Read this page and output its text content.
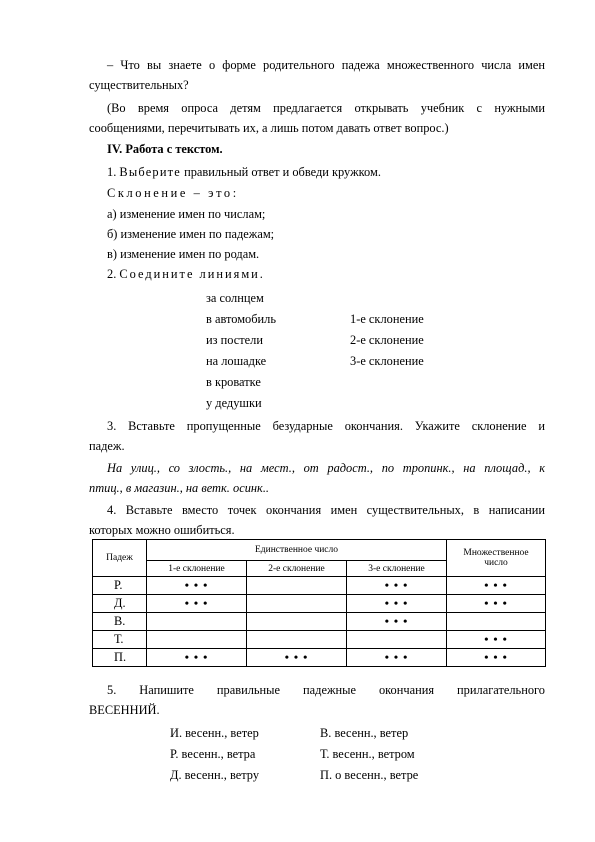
– Что вы знаете о форме родительного падежа множественного числа имен
существительных?
(Во время опроса детям предлагается открывать учебник с нужными
сообщениями, перечитывать их, а лишь потом давать ответ вопрос.)
IV. Работа с текстом.
1. Выберите правильный ответ и обведи кружком.
Склонение – это:
а) изменение имен по числам;
б) изменение имен по падежам;
в) изменение имен по родам.
2. Соедините линиями.
за солнцем
в автомобиль
из постели
на лошадке
в кроватке
у дедушки
1-е склонение
2-е склонение
3-е склонение
3. Вставьте пропущенные безударные окончания. Укажите склонение и
падеж.
На улиц., со злость., на мест., от радост., по тропинк., на площад., к
птиц., в магазин., на ветк. осинк..
4. Вставьте вместо точек окончания имен существительных, в написании
которых можно ошибиться.
Падеж	Единственное число			Множественное
число
	1-е склонение	2-е склонение	3-е склонение	
Р.	• • •		• • •	• • •
Д.	• • •		• • •	• • •
В.			• • •	
Т.				• • •
П.	• • •	• • •	• • •	• • •
5. Напишите правильные падежные окончания прилагательного
ВЕСЕННИЙ.
И. весенн., ветер
Р. весенн., ветра
Д. весенн., ветру
В. весенн., ветер
Т. весенн., ветром
П. о весенн., ветре
